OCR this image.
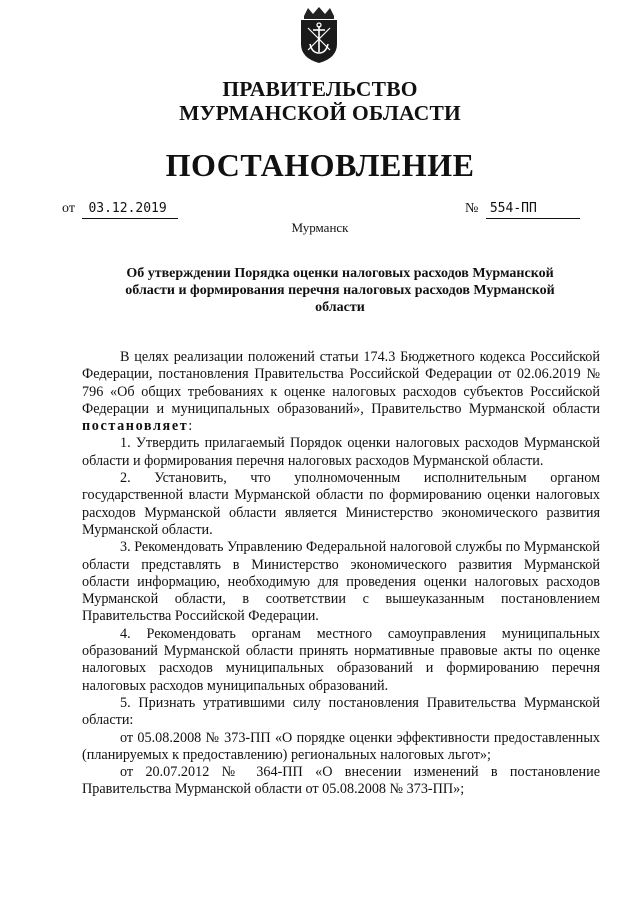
ПРАВИТЕЛЬСТВО
МУРМАНСКОЙ ОБЛАСТИ
ПОСТАНОВЛЕНИЕ
от 03.12.2019	№ 554-ПП
Мурманск
Об утверждении Порядка оценки налоговых расходов Мурманской области и формирования перечня налоговых расходов Мурманской области

В целях реализации положений статьи 174.3 Бюджетного кодекса Российской Федерации, постановления Правительства Российской Федерации от 02.06.2019 № 796 «Об общих требованиях к оценке налоговых расходов субъектов Российской Федерации и муниципальных образований», Правительство Мурманской области постановляет:

1. Утвердить прилагаемый Порядок оценки налоговых расходов Мурманской области и формирования перечня налоговых расходов Мурманской области.

2. Установить, что уполномоченным исполнительным органом государственной власти Мурманской области по формированию оценки налоговых расходов Мурманской области является Министерство экономического развития Мурманской области.

3. Рекомендовать Управлению Федеральной налоговой службы по Мурманской области представлять в Министерство экономического развития Мурманской области информацию, необходимую для проведения оценки налоговых расходов Мурманской области, в соответствии с вышеуказанным постановлением Правительства Российской Федерации.

4. Рекомендовать органам местного самоуправления муниципальных образований Мурманской области принять нормативные правовые акты по оценке налоговых расходов муниципальных образований и формированию перечня налоговых расходов муниципальных образований.

5. Признать утратившими силу постановления Правительства Мурманской области:

от 05.08.2008 № 373-ПП «О порядке оценки эффективности предоставленных (планируемых к предоставлению) региональных налоговых льгот»;

от 20.07.2012 № 364-ПП «О внесении изменений в постановление Правительства Мурманской области от 05.08.2008 № 373-ПП»;
